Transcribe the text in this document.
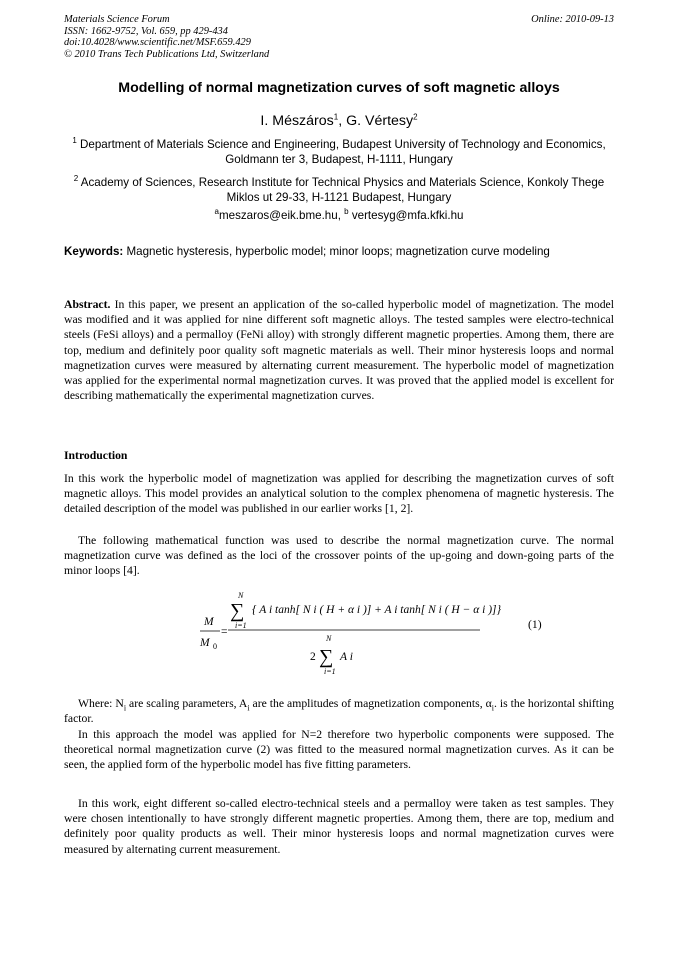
Materials Science Forum
ISSN: 1662-9752, Vol. 659, pp 429-434
doi:10.4028/www.scientific.net/MSF.659.429
© 2010 Trans Tech Publications Ltd, Switzerland
Online: 2010-09-13
Modelling of normal magnetization curves of soft magnetic alloys
I. Mészáros$^1$, G. Vértesy$^2$
$^1$ Department of Materials Science and Engineering, Budapest University of Technology and Economics, Goldmann ter 3, Budapest, H-1111, Hungary
$^2$ Academy of Sciences, Research Institute for Technical Physics and Materials Science, Konkoly Thege Miklos ut 29-33, H-1121 Budapest, Hungary
$^a$meszaros@eik.bme.hu, $^b$ vertesyg@mfa.kfki.hu
Keywords: Magnetic hysteresis, hyperbolic model; minor loops; magnetization curve modeling
Abstract. In this paper, we present an application of the so-called hyperbolic model of magnetization. The model was modified and it was applied for nine different soft magnetic alloys. The tested samples were electro-technical steels (FeSi alloys) and a permalloy (FeNi alloy) with strongly different magnetic properties. Among them, there are top, medium and definitely poor quality soft magnetic materials as well. Their minor hysteresis loops and normal magnetization curves were measured by alternating current measurement. The hyperbolic model of magnetization was applied for the experimental normal magnetization curves. It was proved that the applied model is excellent for describing mathematically the experimental magnetization curves.
Introduction
In this work the hyperbolic model of magnetization was applied for describing the magnetization curves of soft magnetic alloys. This model provides an analytical solution to the complex phenomena of magnetic hysteresis. The detailed description of the model was published in our earlier works [1, 2].
The following mathematical function was used to describe the normal magnetization curve. The normal magnetization curve was defined as the loci of the crossover points of the up-going and down-going parts of the minor loops [4].
M
M 0
=
N
∑
i=1
{ A i tanh[ N i ( H + α i )] + A i tanh[ N i ( H − α i )]}
2
N
∑
i=1
A i
(1)
Where: $N_i$ are scaling parameters, $A_i$ are the amplitudes of magnetization components, $\alpha_i$. is the horizontal shifting factor.
In this approach the model was applied for N=2 therefore two hyperbolic components were supposed. The theoretical normal magnetization curve (2) was fitted to the measured normal magnetization curves. As it can be seen, the applied form of the hyperbolic model has five fitting parameters.
In this work, eight different so-called electro-technical steels and a permalloy were taken as test samples. They were chosen intentionally to have strongly different magnetic properties. Among them, there are top, medium and definitely poor quality products as well. Their minor hysteresis loops and normal magnetization curves were measured by alternating current measurement.
